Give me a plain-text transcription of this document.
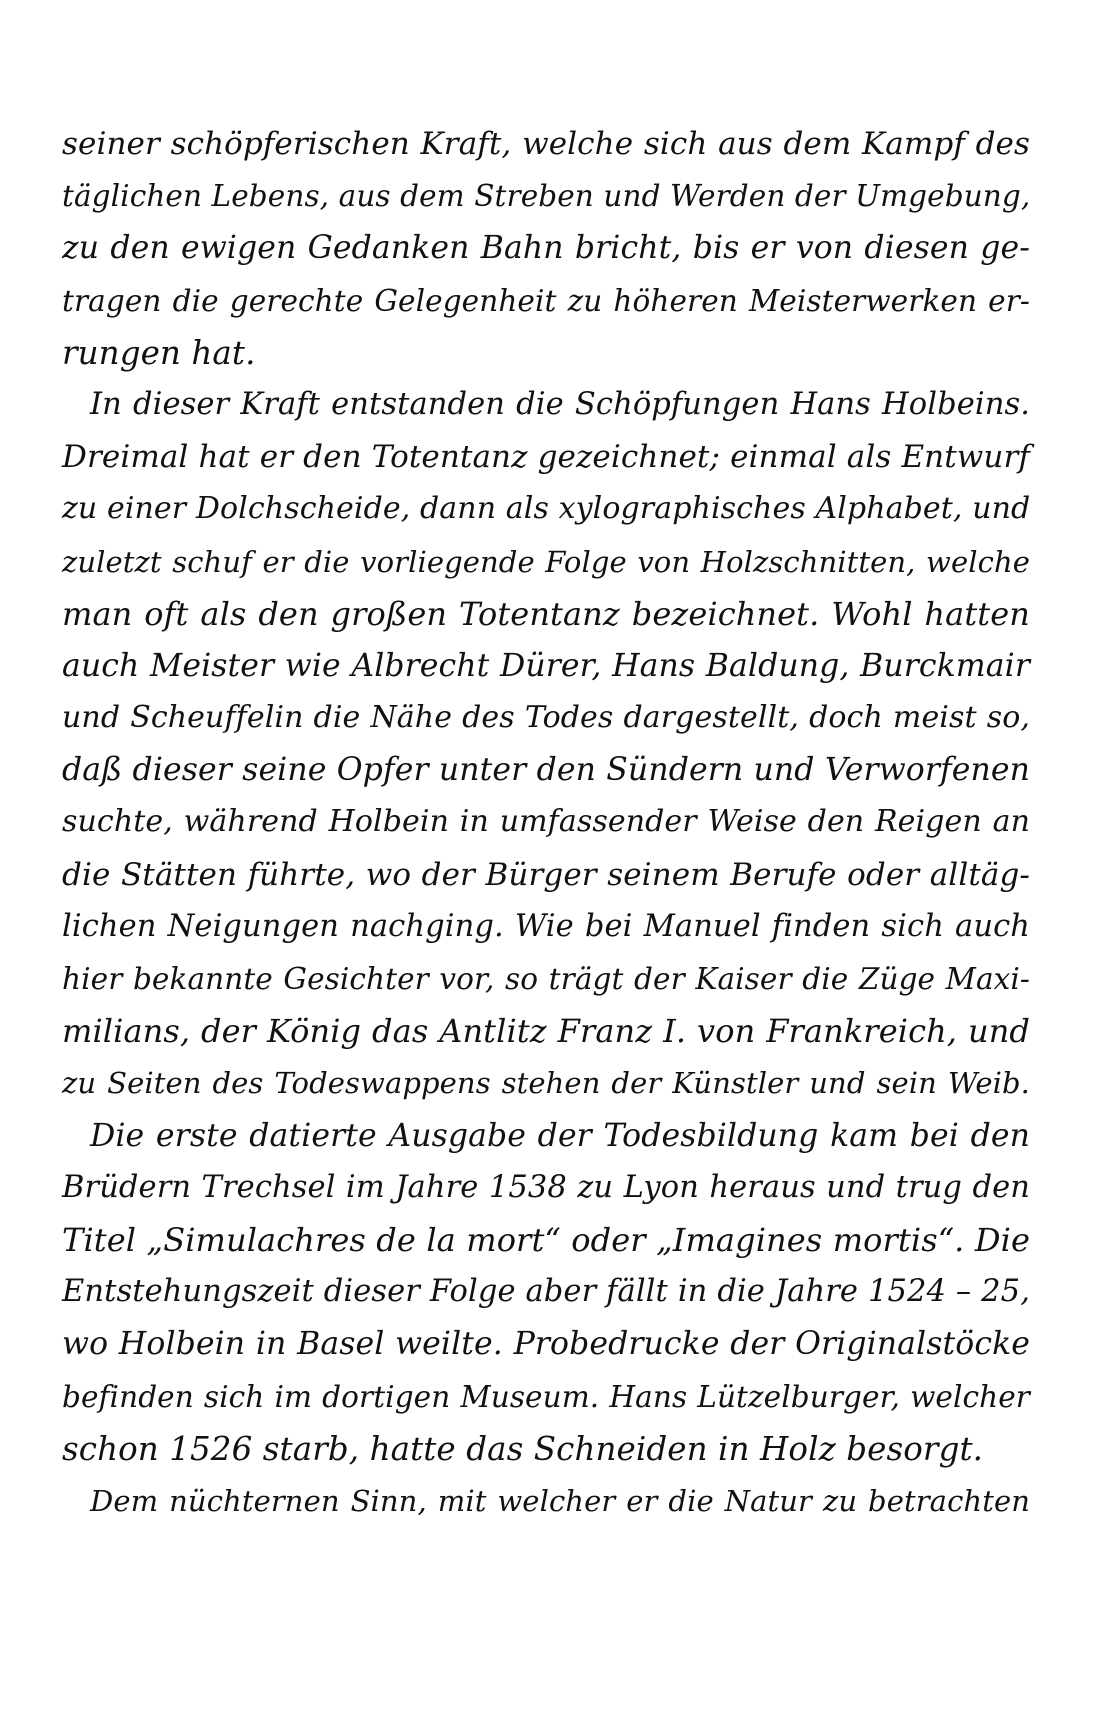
seiner schöpferischen Kraft, welche sich aus dem Kampf des
täglichen Lebens, aus dem Streben und Werden der Umgebung,
zu den ewigen Gedanken Bahn bricht, bis er von diesen ge-
tragen die gerechte Gelegenheit zu höheren Meisterwerken er-
rungen hat.
In dieser Kraft entstanden die Schöpfungen Hans Holbeins.
Dreimal hat er den Totentanz gezeichnet; einmal als Entwurf
zu einer Dolchscheide, dann als xylographisches Alphabet, und
zuletzt schuf er die vorliegende Folge von Holzschnitten, welche
man oft als den großen Totentanz bezeichnet. Wohl hatten
auch Meister wie Albrecht Dürer, Hans Baldung, Burckmair
und Scheuffelin die Nähe des Todes dargestellt, doch meist so,
daß dieser seine Opfer unter den Sündern und Verworfenen
suchte, während Holbein in umfassender Weise den Reigen an
die Stätten führte, wo der Bürger seinem Berufe oder alltäg-
lichen Neigungen nachging. Wie bei Manuel finden sich auch
hier bekannte Gesichter vor, so trägt der Kaiser die Züge Maxi-
milians, der König das Antlitz Franz I. von Frankreich, und
zu Seiten des Todeswappens stehen der Künstler und sein Weib.
Die erste datierte Ausgabe der Todesbildung kam bei den
Brüdern Trechsel im Jahre 1538 zu Lyon heraus und trug den
Titel „Simulachres de la mort“ oder „Imagines mortis“. Die
Entstehungszeit dieser Folge aber fällt in die Jahre 1524 – 25,
wo Holbein in Basel weilte. Probedrucke der Originalstöcke
befinden sich im dortigen Museum. Hans Lützelburger, welcher
schon 1526 starb, hatte das Schneiden in Holz besorgt.
Dem nüchternen Sinn, mit welcher er die Natur zu betrachten
